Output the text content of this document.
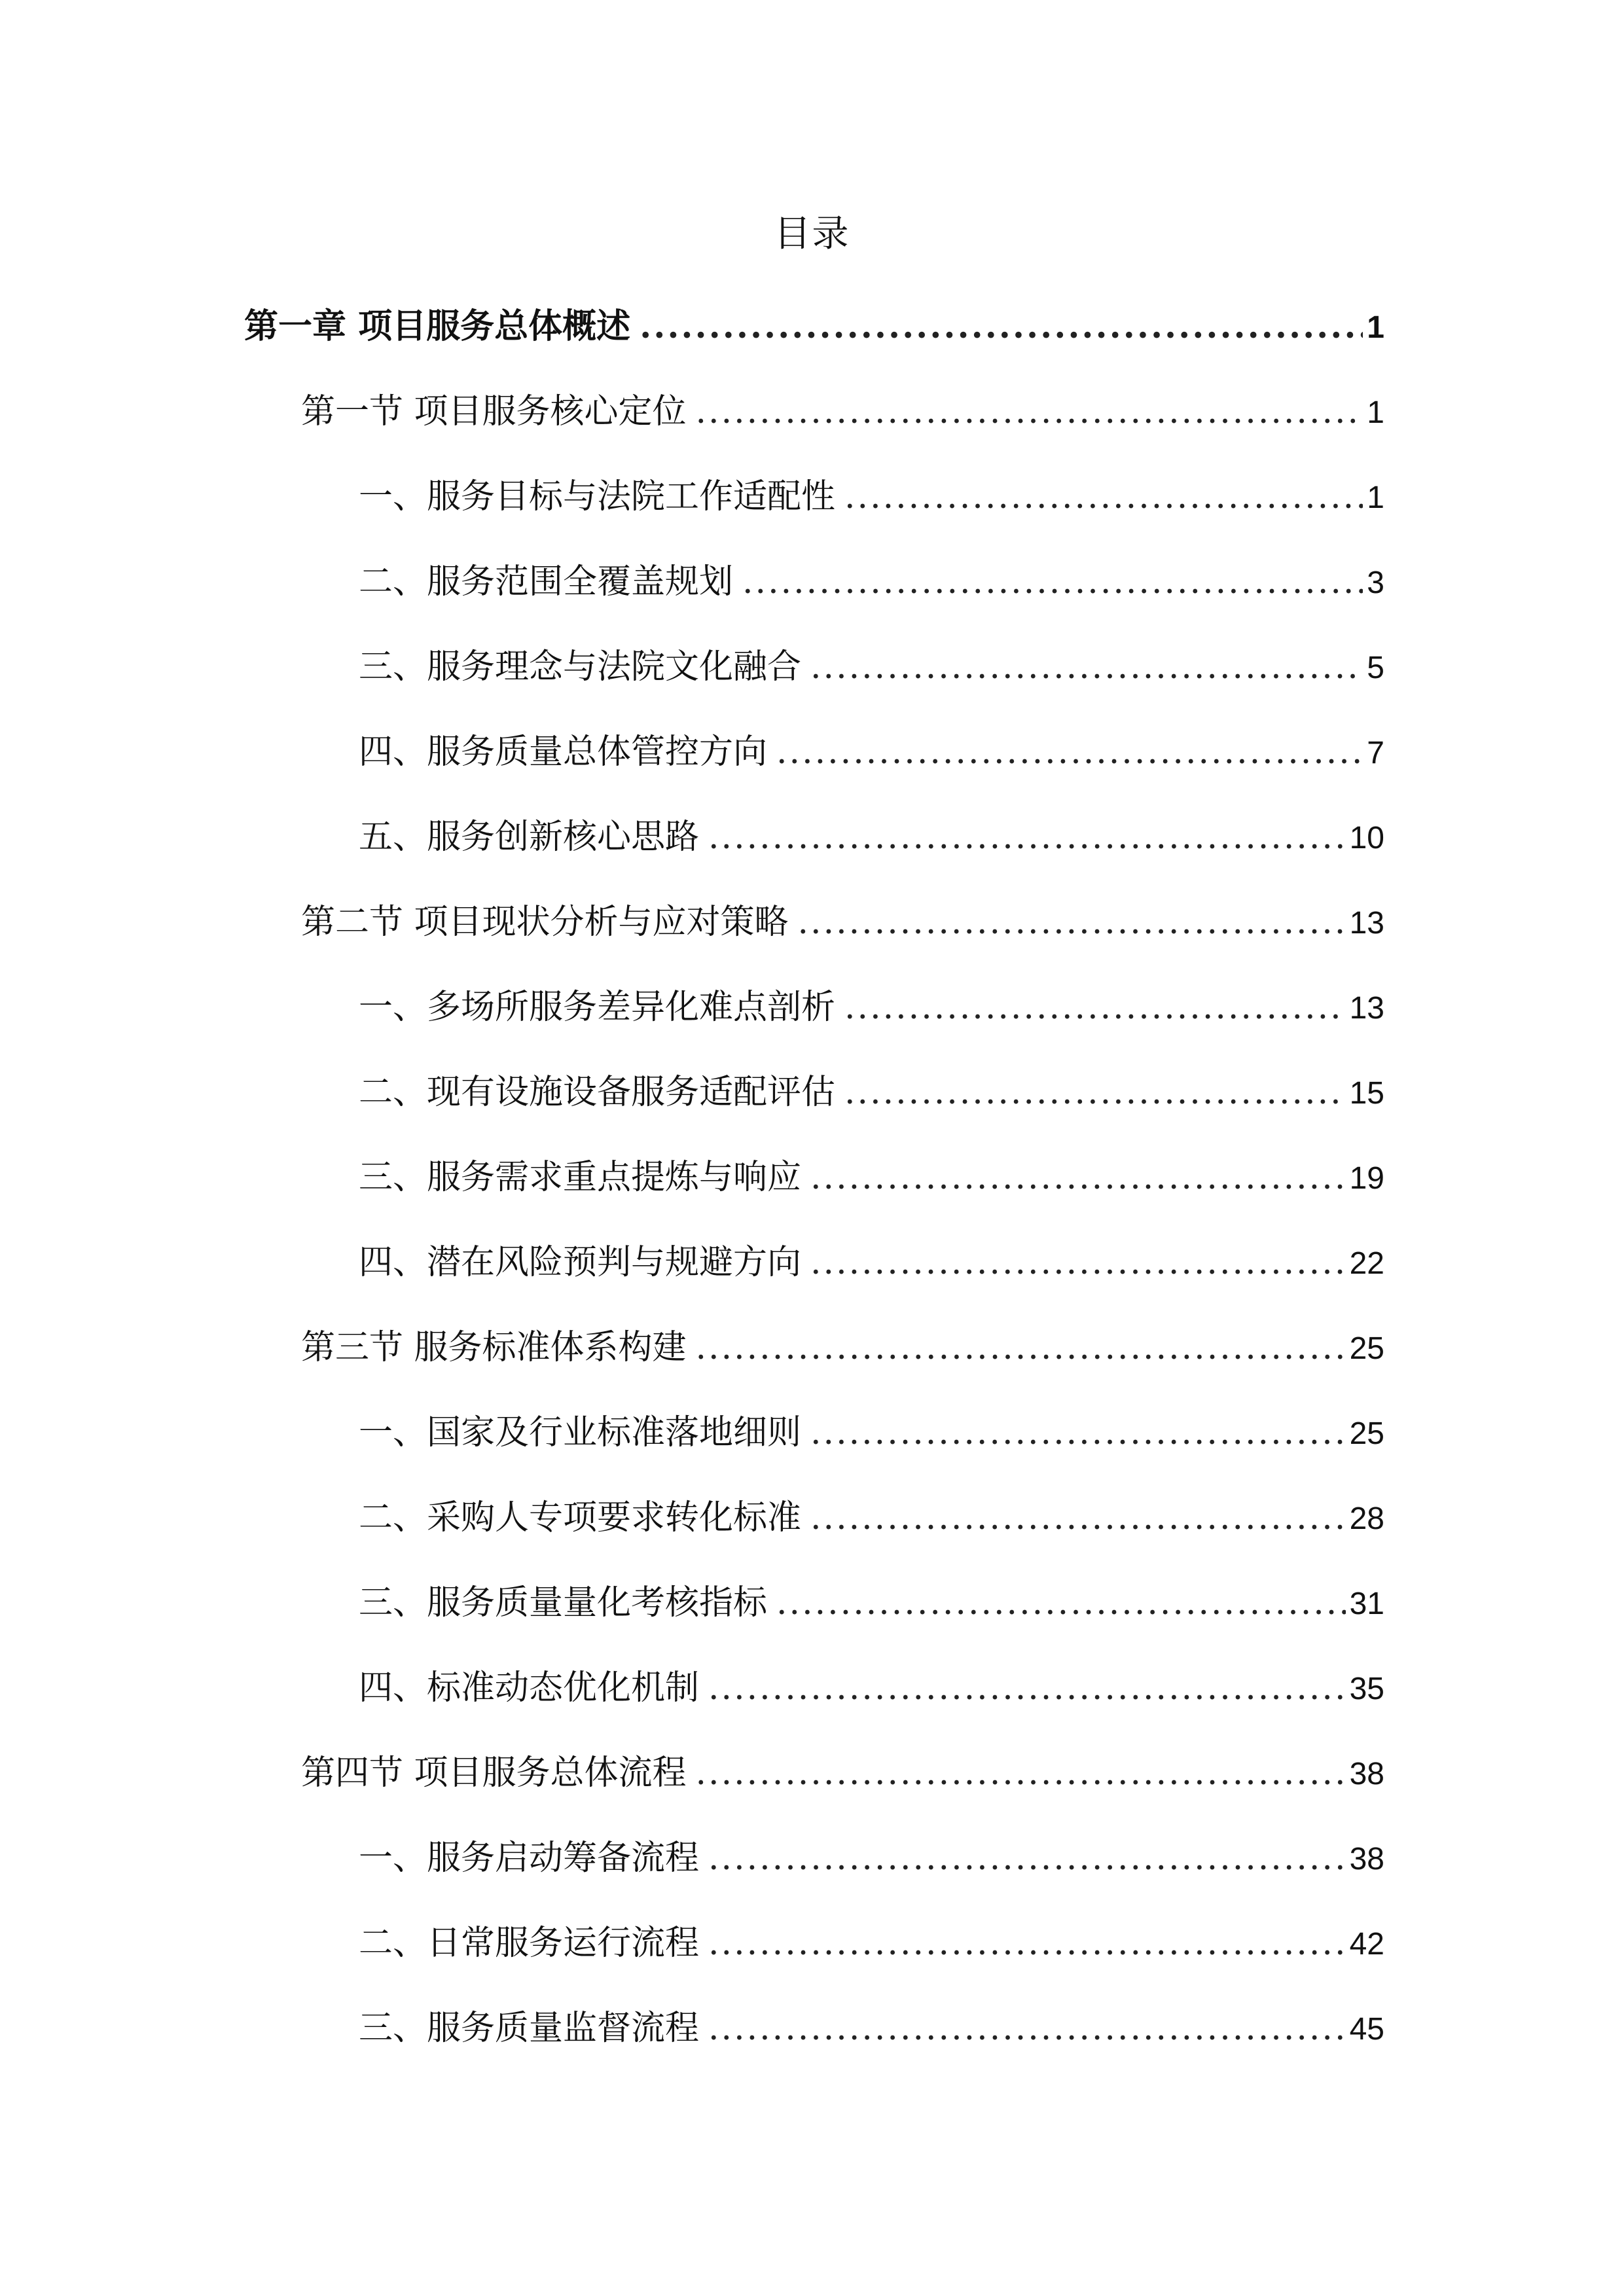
目录
第一章 项目服务总体概述 .....	1
第一节 项目服务核心定位 .....	1
一、服务目标与法院工作适配性 .....	1
二、服务范围全覆盖规划 .....	3
三、服务理念与法院文化融合 .....	5
四、服务质量总体管控方向 .....	7
五、服务创新核心思路 .....	10
第二节 项目现状分析与应对策略 .....	13
一、多场所服务差异化难点剖析 .....	13
二、现有设施设备服务适配评估 .....	15
三、服务需求重点提炼与响应 .....	19
四、潜在风险预判与规避方向 .....	22
第三节 服务标准体系构建 .....	25
一、国家及行业标准落地细则 .....	25
二、采购人专项要求转化标准 .....	28
三、服务质量量化考核指标 .....	31
四、标准动态优化机制 .....	35
第四节 项目服务总体流程 .....	38
一、服务启动筹备流程 .....	38
二、日常服务运行流程 .....	42
三、服务质量监督流程 .....	45
